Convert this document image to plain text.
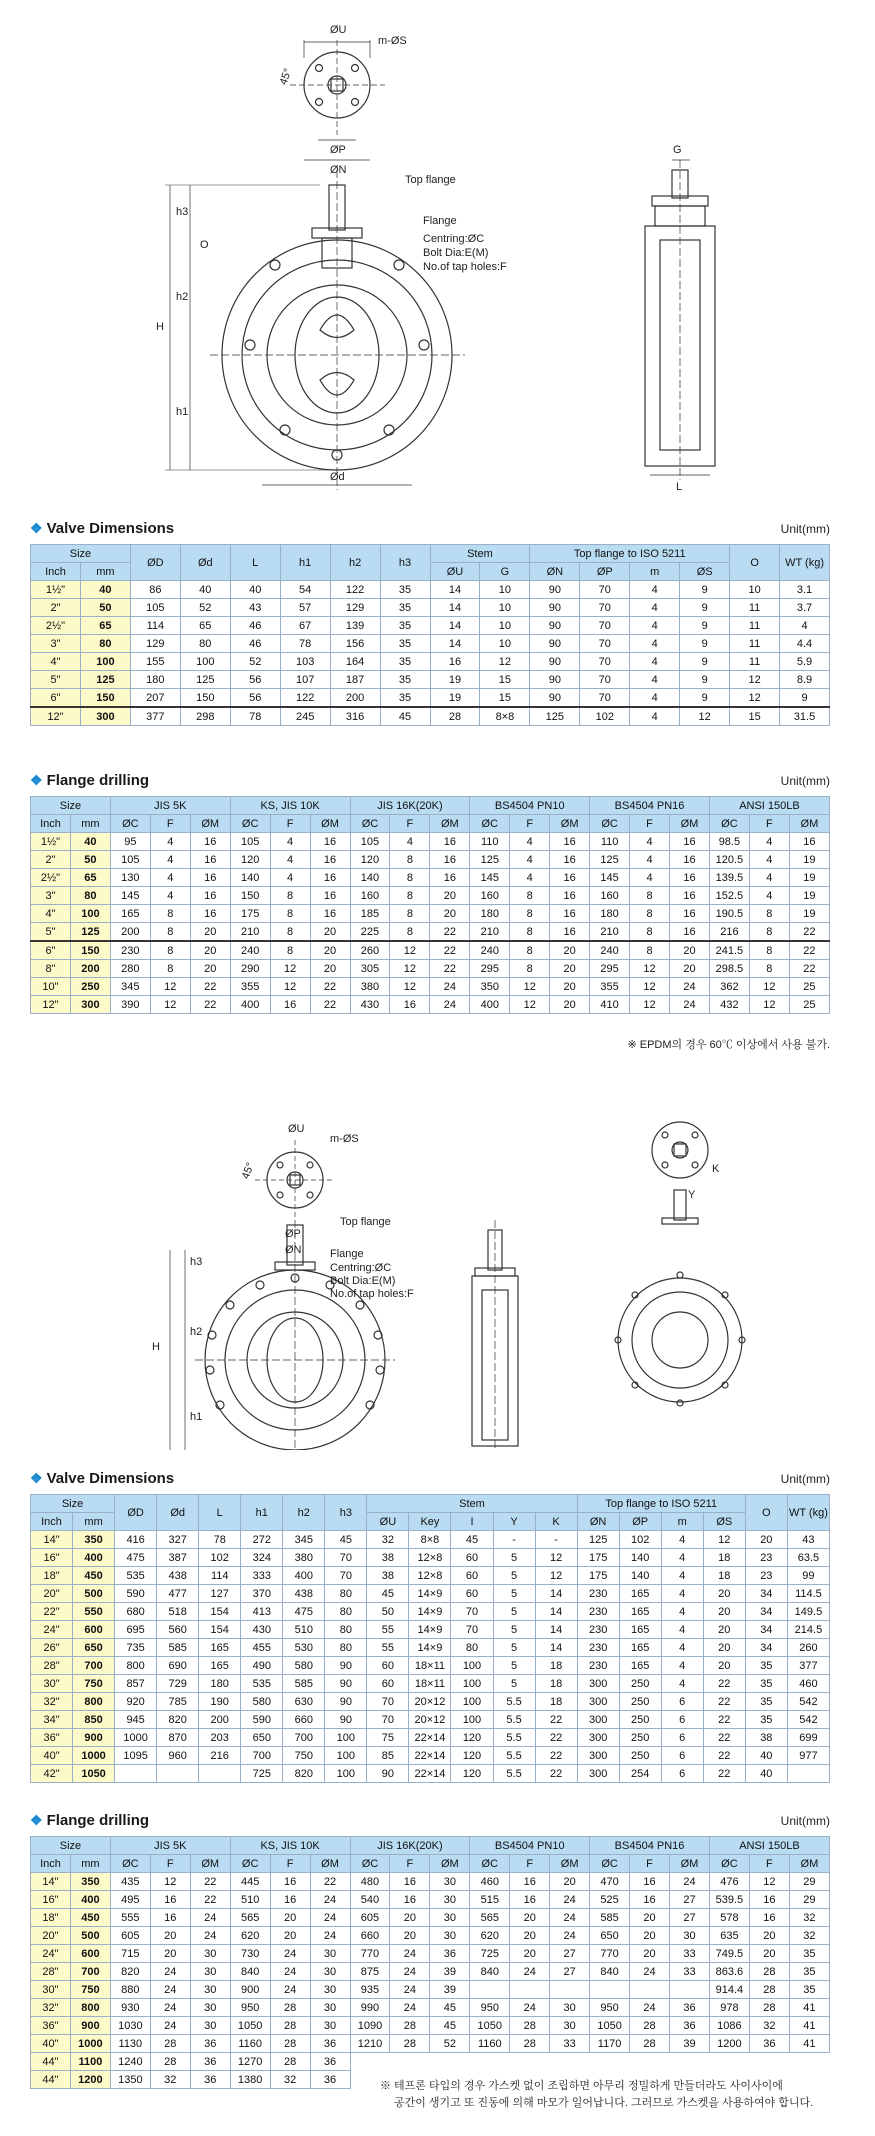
ØU
m-ØS
45°
ØP
ØN
Top flange
Flange
Centring:ØC
Bolt Dia:E(M)
No.of tap holes:F
h3
O
h2
H
h1
Ød
G
L
❖ Valve Dimensions	Unit(mm)
Size		ØD	Ød	L	h1	h2	h3	Stem		Top flange to ISO 5211				O	WT (kg)
Inch	mm							ØU	G	ØN	ØP	m	ØS		
1½"	40	86	40	40	54	122	35	14	10	90	70	4	9	10	3.1
2"	50	105	52	43	57	129	35	14	10	90	70	4	9	11	3.7
2½"	65	114	65	46	67	139	35	14	10	90	70	4	9	11	4
3"	80	129	80	46	78	156	35	14	10	90	70	4	9	11	4.4
4"	100	155	100	52	103	164	35	16	12	90	70	4	9	11	5.9
5"	125	180	125	56	107	187	35	19	15	90	70	4	9	12	8.9
6"	150	207	150	56	122	200	35	19	15	90	70	4	9	12	9
12"	300	377	298	78	245	316	45	28	8×8	125	102	4	12	15	31.5
❖ Flange drilling	Unit(mm)
Size		JIS 5K			KS, JIS 10K			JIS 16K(20K)			BS4504 PN10			BS4504 PN16			ANSI 150LB		
Inch	mm	ØC	F	ØM	ØC	F	ØM	ØC	F	ØM	ØC	F	ØM	ØC	F	ØM	ØC	F	ØM
1½"	40	95	4	16	105	4	16	105	4	16	110	4	16	110	4	16	98.5	4	16
2"	50	105	4	16	120	4	16	120	8	16	125	4	16	125	4	16	120.5	4	19
2½"	65	130	4	16	140	4	16	140	8	16	145	4	16	145	4	16	139.5	4	19
3"	80	145	4	16	150	8	16	160	8	20	160	8	16	160	8	16	152.5	4	19
4"	100	165	8	16	175	8	16	185	8	20	180	8	16	180	8	16	190.5	8	19
5"	125	200	8	20	210	8	20	225	8	22	210	8	16	210	8	16	216	8	22
6"	150	230	8	20	240	8	20	260	12	22	240	8	20	240	8	20	241.5	8	22
8"	200	280	8	20	290	12	20	305	12	22	295	8	20	295	12	20	298.5	8	22
10"	250	345	12	22	355	12	22	380	12	24	350	12	20	355	12	24	362	12	25
12"	300	390	12	22	400	16	22	430	16	24	400	12	20	410	12	24	432	12	25
※ EPDM의 경우 60℃ 이상에서 사용 불가.
ØU
m-ØS
45°
ØP
ØN
Top flange
Flange
Centring:ØC
Bolt Dia:E(M)
No.of tap holes:F
h3
h2
H
h1
K
Y
❖ Valve Dimensions	Unit(mm)
Size		ØD	Ød	L	h1	h2	h3	Stem					Top flange to ISO 5211				O	WT (kg)
Inch	mm							ØU	Key	I	Y	K	ØN	ØP	m	ØS		
14"	350	416	327	78	272	345	45	32	8×8	45	-	-	125	102	4	12	20	43
16"	400	475	387	102	324	380	70	38	12×8	60	5	12	175	140	4	18	23	63.5
18"	450	535	438	114	333	400	70	38	12×8	60	5	12	175	140	4	18	23	99
20"	500	590	477	127	370	438	80	45	14×9	60	5	14	230	165	4	20	34	114.5
22"	550	680	518	154	413	475	80	50	14×9	70	5	14	230	165	4	20	34	149.5
24"	600	695	560	154	430	510	80	55	14×9	70	5	14	230	165	4	20	34	214.5
26"	650	735	585	165	455	530	80	55	14×9	80	5	14	230	165	4	20	34	260
28"	700	800	690	165	490	580	90	60	18×11	100	5	18	230	165	4	20	35	377
30"	750	857	729	180	535	585	90	60	18×11	100	5	18	300	250	4	22	35	460
32"	800	920	785	190	580	630	90	70	20×12	100	5.5	18	300	250	6	22	35	542
34"	850	945	820	200	590	660	90	70	20×12	100	5.5	22	300	250	6	22	35	542
36"	900	1000	870	203	650	700	100	75	22×14	120	5.5	22	300	250	6	22	38	699
40"	1000	1095	960	216	700	750	100	85	22×14	120	5.5	22	300	250	6	22	40	977
42"	1050				725	820	100	90	22×14	120	5.5	22	300	254	6	22	40	
❖ Flange drilling	Unit(mm)
Size		JIS 5K			KS, JIS 10K			JIS 16K(20K)			BS4504 PN10			BS4504 PN16			ANSI 150LB		
Inch	mm	ØC	F	ØM	ØC	F	ØM	ØC	F	ØM	ØC	F	ØM	ØC	F	ØM	ØC	F	ØM
14"	350	435	12	22	445	16	22	480	16	30	460	16	20	470	16	24	476	12	29
16"	400	495	16	22	510	16	24	540	16	30	515	16	24	525	16	27	539.5	16	29
18"	450	555	16	24	565	20	24	605	20	30	565	20	24	585	20	27	578	16	32
20"	500	605	20	24	620	20	24	660	20	30	620	20	24	650	20	30	635	20	32
24"	600	715	20	30	730	24	30	770	24	36	725	20	27	770	20	33	749.5	20	35
28"	700	820	24	30	840	24	30	875	24	39	840	24	27	840	24	33	863.6	28	35
30"	750	880	24	30	900	24	30	935	24	39							914.4	28	35
32"	800	930	24	30	950	28	30	990	24	45	950	24	30	950	24	36	978	28	41
36"	900	1030	24	30	1050	28	30	1090	28	45	1050	28	30	1050	28	36	1086	32	41
40"	1000	1130	28	36	1160	28	36	1210	28	52	1160	28	33	1170	28	39	1200	36	41
44"	1100	1240	28	36	1270	28	36												
44"	1200	1350	32	36	1380	32	36												
※ 테프론 타입의 경우 가스켓 없이 조립하면 아무리 정밀하게 만들더라도 사이사이에
공간이 생기고 또 진동에 의해 마모가 일어납니다. 그러므로 가스켓을 사용하여야 합니다.
